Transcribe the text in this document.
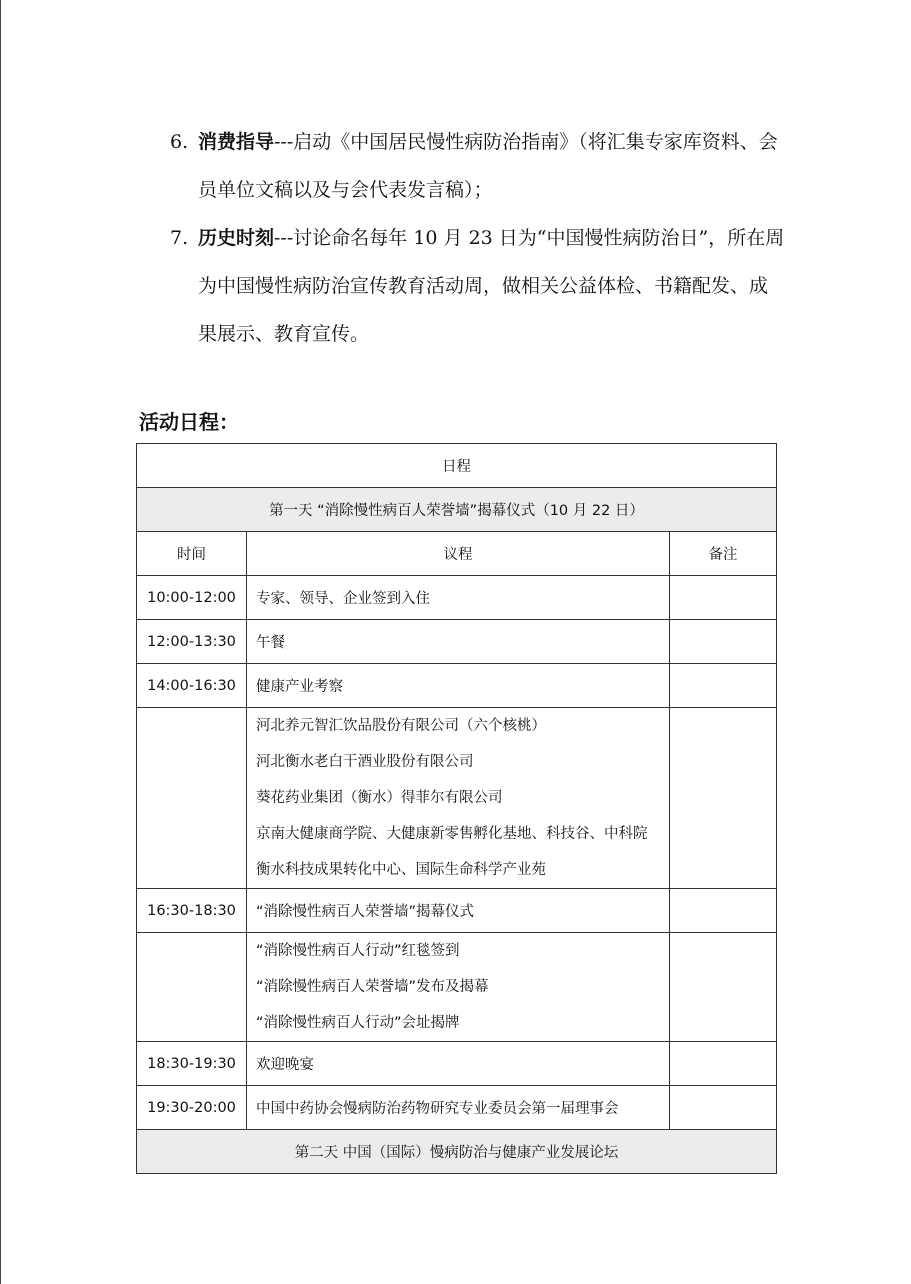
6. 消费指导---启动《中国居民慢性病防治指南》（将汇集专家库资料、会员单位文稿以及与会代表发言稿）；
7. 历史时刻---讨论命名每年 10 月 23 日为“中国慢性病防治日”，所在周为中国慢性病防治宣传教育活动周，做相关公益体检、书籍配发、成果展示、教育宣传。
活动日程：
日程		
第一天 “消除慢性病百人荣誉墙”揭幕仪式（10 月 22 日）		
时间	议程	备注
10:00-12:00	专家、领导、企业签到入住	
12:00-13:30	午餐	
14:00-16:30	健康产业考察	

	河北养元智汇饮品股份有限公司（六个核桃）
河北衡水老白干酒业股份有限公司
葵花药业集团（衡水）得菲尔有限公司
京南大健康商学院、大健康新零售孵化基地、科技谷、中科院衡水科技成果转化中心、国际生命科学产业苑	

16:30-18:30	“消除慢性病百人荣誉墙”揭幕仪式	

	“消除慢性病百人行动”红毯签到
“消除慢性病百人荣誉墙”发布及揭幕
“消除慢性病百人行动”会址揭牌	

18:30-19:30	欢迎晚宴	
19:30-20:00	中国中药协会慢病防治药物研究专业委员会第一届理事会	
第二天 中国（国际）慢病防治与健康产业发展论坛		
